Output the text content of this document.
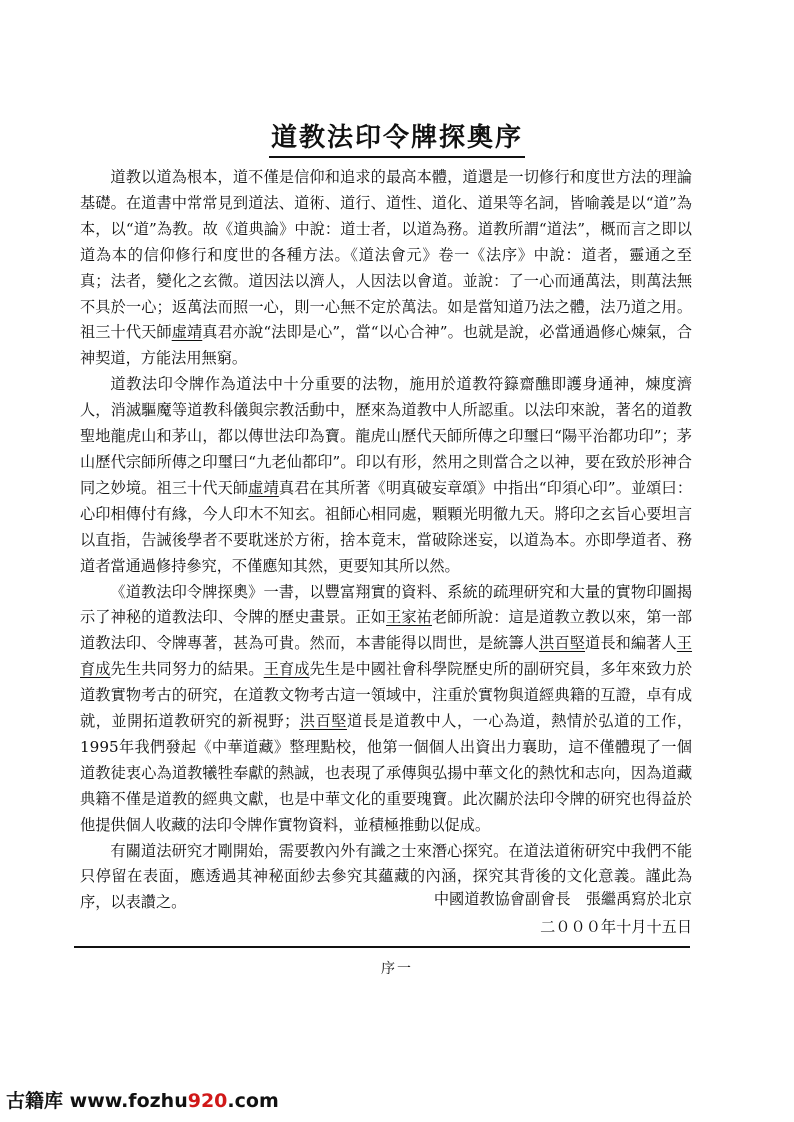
道教法印令牌探奧序

道教以道為根本，道不僅是信仰和追求的最高本體，道還是一切修行和度世方法的理論基礎。在道書中常常見到道法、道術、道行、道性、道化、道果等名詞，皆喻義是以“道”為本，以“道”為教。故《道典論》中說：道士者，以道為務。道教所謂“道法”，概而言之即以道為本的信仰修行和度世的各種方法。《道法會元》卷一《法序》中說：道者，靈通之至真；法者，變化之玄微。道因法以濟人，人因法以會道。並說：了一心而通萬法，則萬法無不具於一心；返萬法而照一心，則一心無不定於萬法。如是當知道乃法之體，法乃道之用。祖三十代天師虛靖真君亦說“法即是心”，當“以心合神”。也就是說，必當通過修心煉氣，合神契道，方能法用無窮。

道教法印令牌作為道法中十分重要的法物，施用於道教符籙齋醮即護身通神，煉度濟人，消滅驅魔等道教科儀與宗教活動中，歷來為道教中人所認重。以法印來說，著名的道教聖地龍虎山和茅山，都以傳世法印為寶。龍虎山歷代天師所傳之印璽曰“陽平治都功印”；茅山歷代宗師所傳之印璽曰“九老仙都印”。印以有形，然用之則當合之以神，要在致於形神合同之妙境。祖三十代天師虛靖真君在其所著《明真破妄章頌》中指出“印須心印”。並頌曰：心印相傳付有緣，今人印木不知玄。祖師心相同處，顆顆光明徹九天。將印之玄旨心要坦言以直指，告誡後學者不要耽迷於方術，捨本竟末，當破除迷妄，以道為本。亦即學道者、務道者當通過修持參究，不僅應知其然，更要知其所以然。

《道教法印令牌探奧》一書，以豐富翔實的資料、系統的疏理研究和大量的實物印圖揭示了神秘的道教法印、令牌的歷史畫景。正如王家祐老師所說：這是道教立教以來，第一部道教法印、令牌專著，甚為可貴。然而，本書能得以問世，是統籌人洪百堅道長和編著人王育成先生共同努力的結果。王育成先生是中國社會科學院歷史所的副研究員，多年來致力於道教實物考古的研究，在道教文物考古這一領域中，注重於實物與道經典籍的互證，卓有成就，並開拓道教研究的新視野；洪百堅道長是道教中人，一心為道，熱情於弘道的工作，1995年我們發起《中華道藏》整理點校，他第一個個人出資出力襄助，這不僅體現了一個道教徒衷心為道教犧牲奉獻的熱誠，也表現了承傳與弘揚中華文化的熱忱和志向，因為道藏典籍不僅是道教的經典文獻，也是中華文化的重要瑰寶。此次關於法印令牌的研究也得益於他提供個人收藏的法印令牌作實物資料，並積極推動以促成。

有關道法研究才剛開始，需要教內外有識之士來潛心探究。在道法道術研究中我們不能只停留在表面，應透過其神秘面紗去參究其蘊藏的內涵，探究其背後的文化意義。謹此為序，以表讚之。	中國道教協會副會長　張繼禹寫於北京
二０００年十月十五日
序一
古籍库 www.fozhu920.com
